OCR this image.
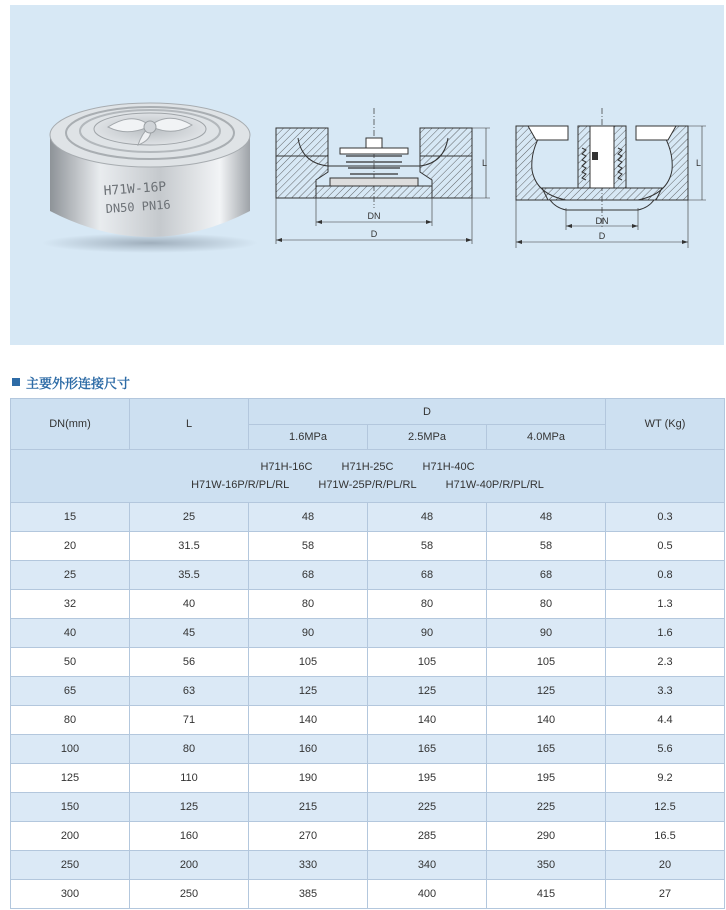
H71W-16P
DN50 PN16
DN
D
L
DN
D
L
主要外形连接尺寸
DN(mm)	L	D			WT (Kg)
		1.6MPa	2.5MPa	4.0MPa	

H71H-16C H71H-25C H71H-40C
H71W-16P/R/PL/RL H71W-25P/R/PL/RL H71W-40P/R/PL/RL					

15	25	48	48	48	0.3
20	31.5	58	58	58	0.5
25	35.5	68	68	68	0.8
32	40	80	80	80	1.3
40	45	90	90	90	1.6
50	56	105	105	105	2.3
65	63	125	125	125	3.3
80	71	140	140	140	4.4
100	80	160	165	165	5.6
125	110	190	195	195	9.2
150	125	215	225	225	12.5
200	160	270	285	290	16.5
250	200	330	340	350	20
300	250	385	400	415	27
